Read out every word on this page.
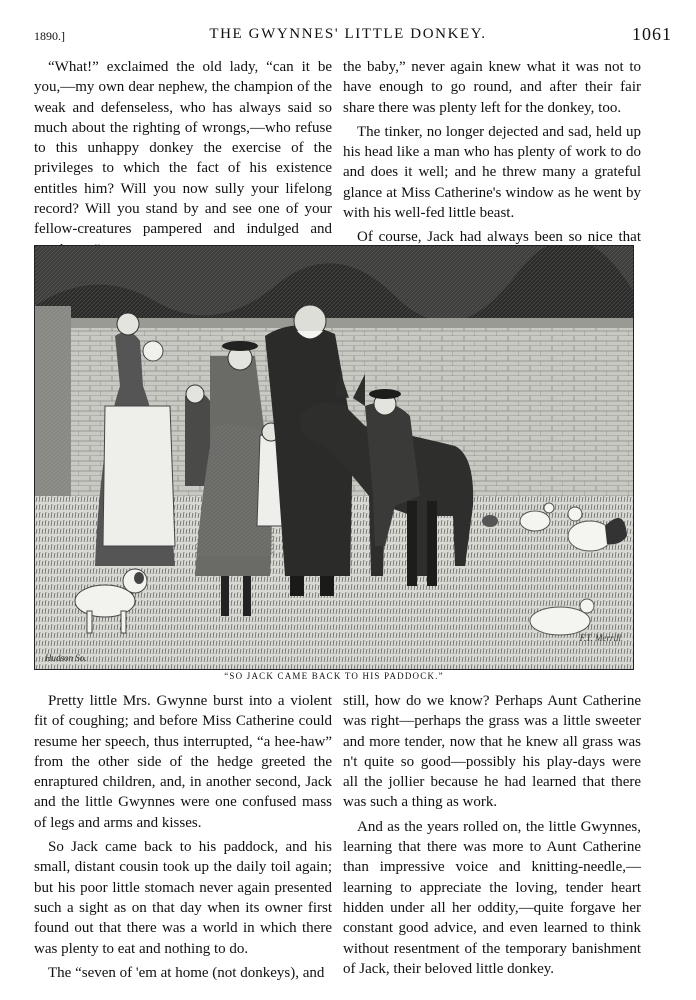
1890.]	THE GWYNNES' LITTLE DONKEY.	1061

“What!” exclaimed the old lady, “can it be you,—my own dear nephew, the champion of the weak and defenseless, who has always said so much about the righting of wrongs,—who refuse to this unhappy donkey the exercise of the privileges to which the fact of his existence entitles him? Will you now sully your lifelong record? Will you stand by and see one of your fellow-creatures pampered and indulged and

the baby,” never again knew what it was not to have enough to go round, and after their fair share there was plenty left for the donkey, too.

The tinker, no longer dejected and sad, held up his head like a man who has plenty of work to do and does it well; and he threw many a grateful glance at Miss Catherine's window as he went by with his well-fed little beast.

Of course, Jack had always been so nice that

Hudson So.
F.T. Merrill
“SO JACK CAME BACK TO HIS PADDOCK.”

Pretty little Mrs. Gwynne burst into a violent fit of coughing; and before Miss Catherine could resume her speech, thus interrupted, “a hee-haw” from the other side of the hedge greeted the enraptured children, and, in another second, Jack and the little Gwynnes were one confused mass of legs and arms and kisses.

So Jack came back to his paddock, and his small, distant cousin took up the daily toil again; but his poor little stomach never again presented such a sight as on that day when its owner first found out that there was a world in which there was plenty to eat and nothing to do.

The “seven of 'em at home (not donkeys), and

still, how do we know? Perhaps Aunt Catherine was right—perhaps the grass was a little sweeter and more tender, now that he knew all grass was n't quite so good—possibly his play-days were all the jollier because he had learned that there was such a thing as work.

And as the years rolled on, the little Gwynnes, learning that there was more to Aunt Catherine than impressive voice and knitting-needle,—learning to appreciate the loving, tender heart hidden under all her oddity,—quite forgave her constant good advice, and even learned to think without resentment of the temporary banishment of Jack, their beloved little donkey.
